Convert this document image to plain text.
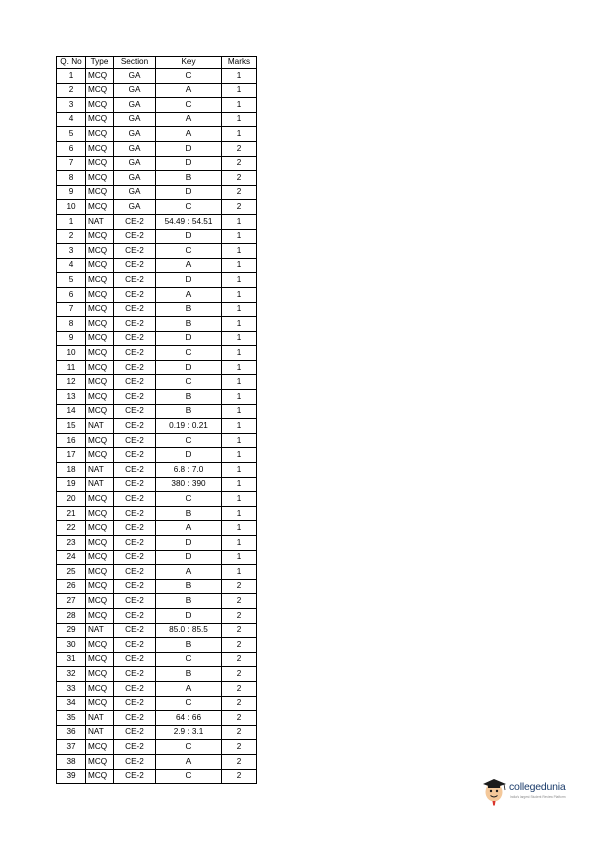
Q. No	Type	Section	Key	Marks
1	MCQ	GA	C	1
2	MCQ	GA	A	1
3	MCQ	GA	C	1
4	MCQ	GA	A	1
5	MCQ	GA	A	1
6	MCQ	GA	D	2
7	MCQ	GA	D	2
8	MCQ	GA	B	2
9	MCQ	GA	D	2
10	MCQ	GA	C	2
1	NAT	CE-2	54.49 : 54.51	1
2	MCQ	CE-2	D	1
3	MCQ	CE-2	C	1
4	MCQ	CE-2	A	1
5	MCQ	CE-2	D	1
6	MCQ	CE-2	A	1
7	MCQ	CE-2	B	1
8	MCQ	CE-2	B	1
9	MCQ	CE-2	D	1
10	MCQ	CE-2	C	1
11	MCQ	CE-2	D	1
12	MCQ	CE-2	C	1
13	MCQ	CE-2	B	1
14	MCQ	CE-2	B	1
15	NAT	CE-2	0.19 : 0.21	1
16	MCQ	CE-2	C	1
17	MCQ	CE-2	D	1
18	NAT	CE-2	6.8 : 7.0	1
19	NAT	CE-2	380 : 390	1
20	MCQ	CE-2	C	1
21	MCQ	CE-2	B	1
22	MCQ	CE-2	A	1
23	MCQ	CE-2	D	1
24	MCQ	CE-2	D	1
25	MCQ	CE-2	A	1
26	MCQ	CE-2	B	2
27	MCQ	CE-2	B	2
28	MCQ	CE-2	D	2
29	NAT	CE-2	85.0 : 85.5	2
30	MCQ	CE-2	B	2
31	MCQ	CE-2	C	2
32	MCQ	CE-2	B	2
33	MCQ	CE-2	A	2
34	MCQ	CE-2	C	2
35	NAT	CE-2	64 : 66	2
36	NAT	CE-2	2.9 : 3.1	2
37	MCQ	CE-2	C	2
38	MCQ	CE-2	A	2
39	MCQ	CE-2	C	2
collegedunia
India's largest Student Review Platform
